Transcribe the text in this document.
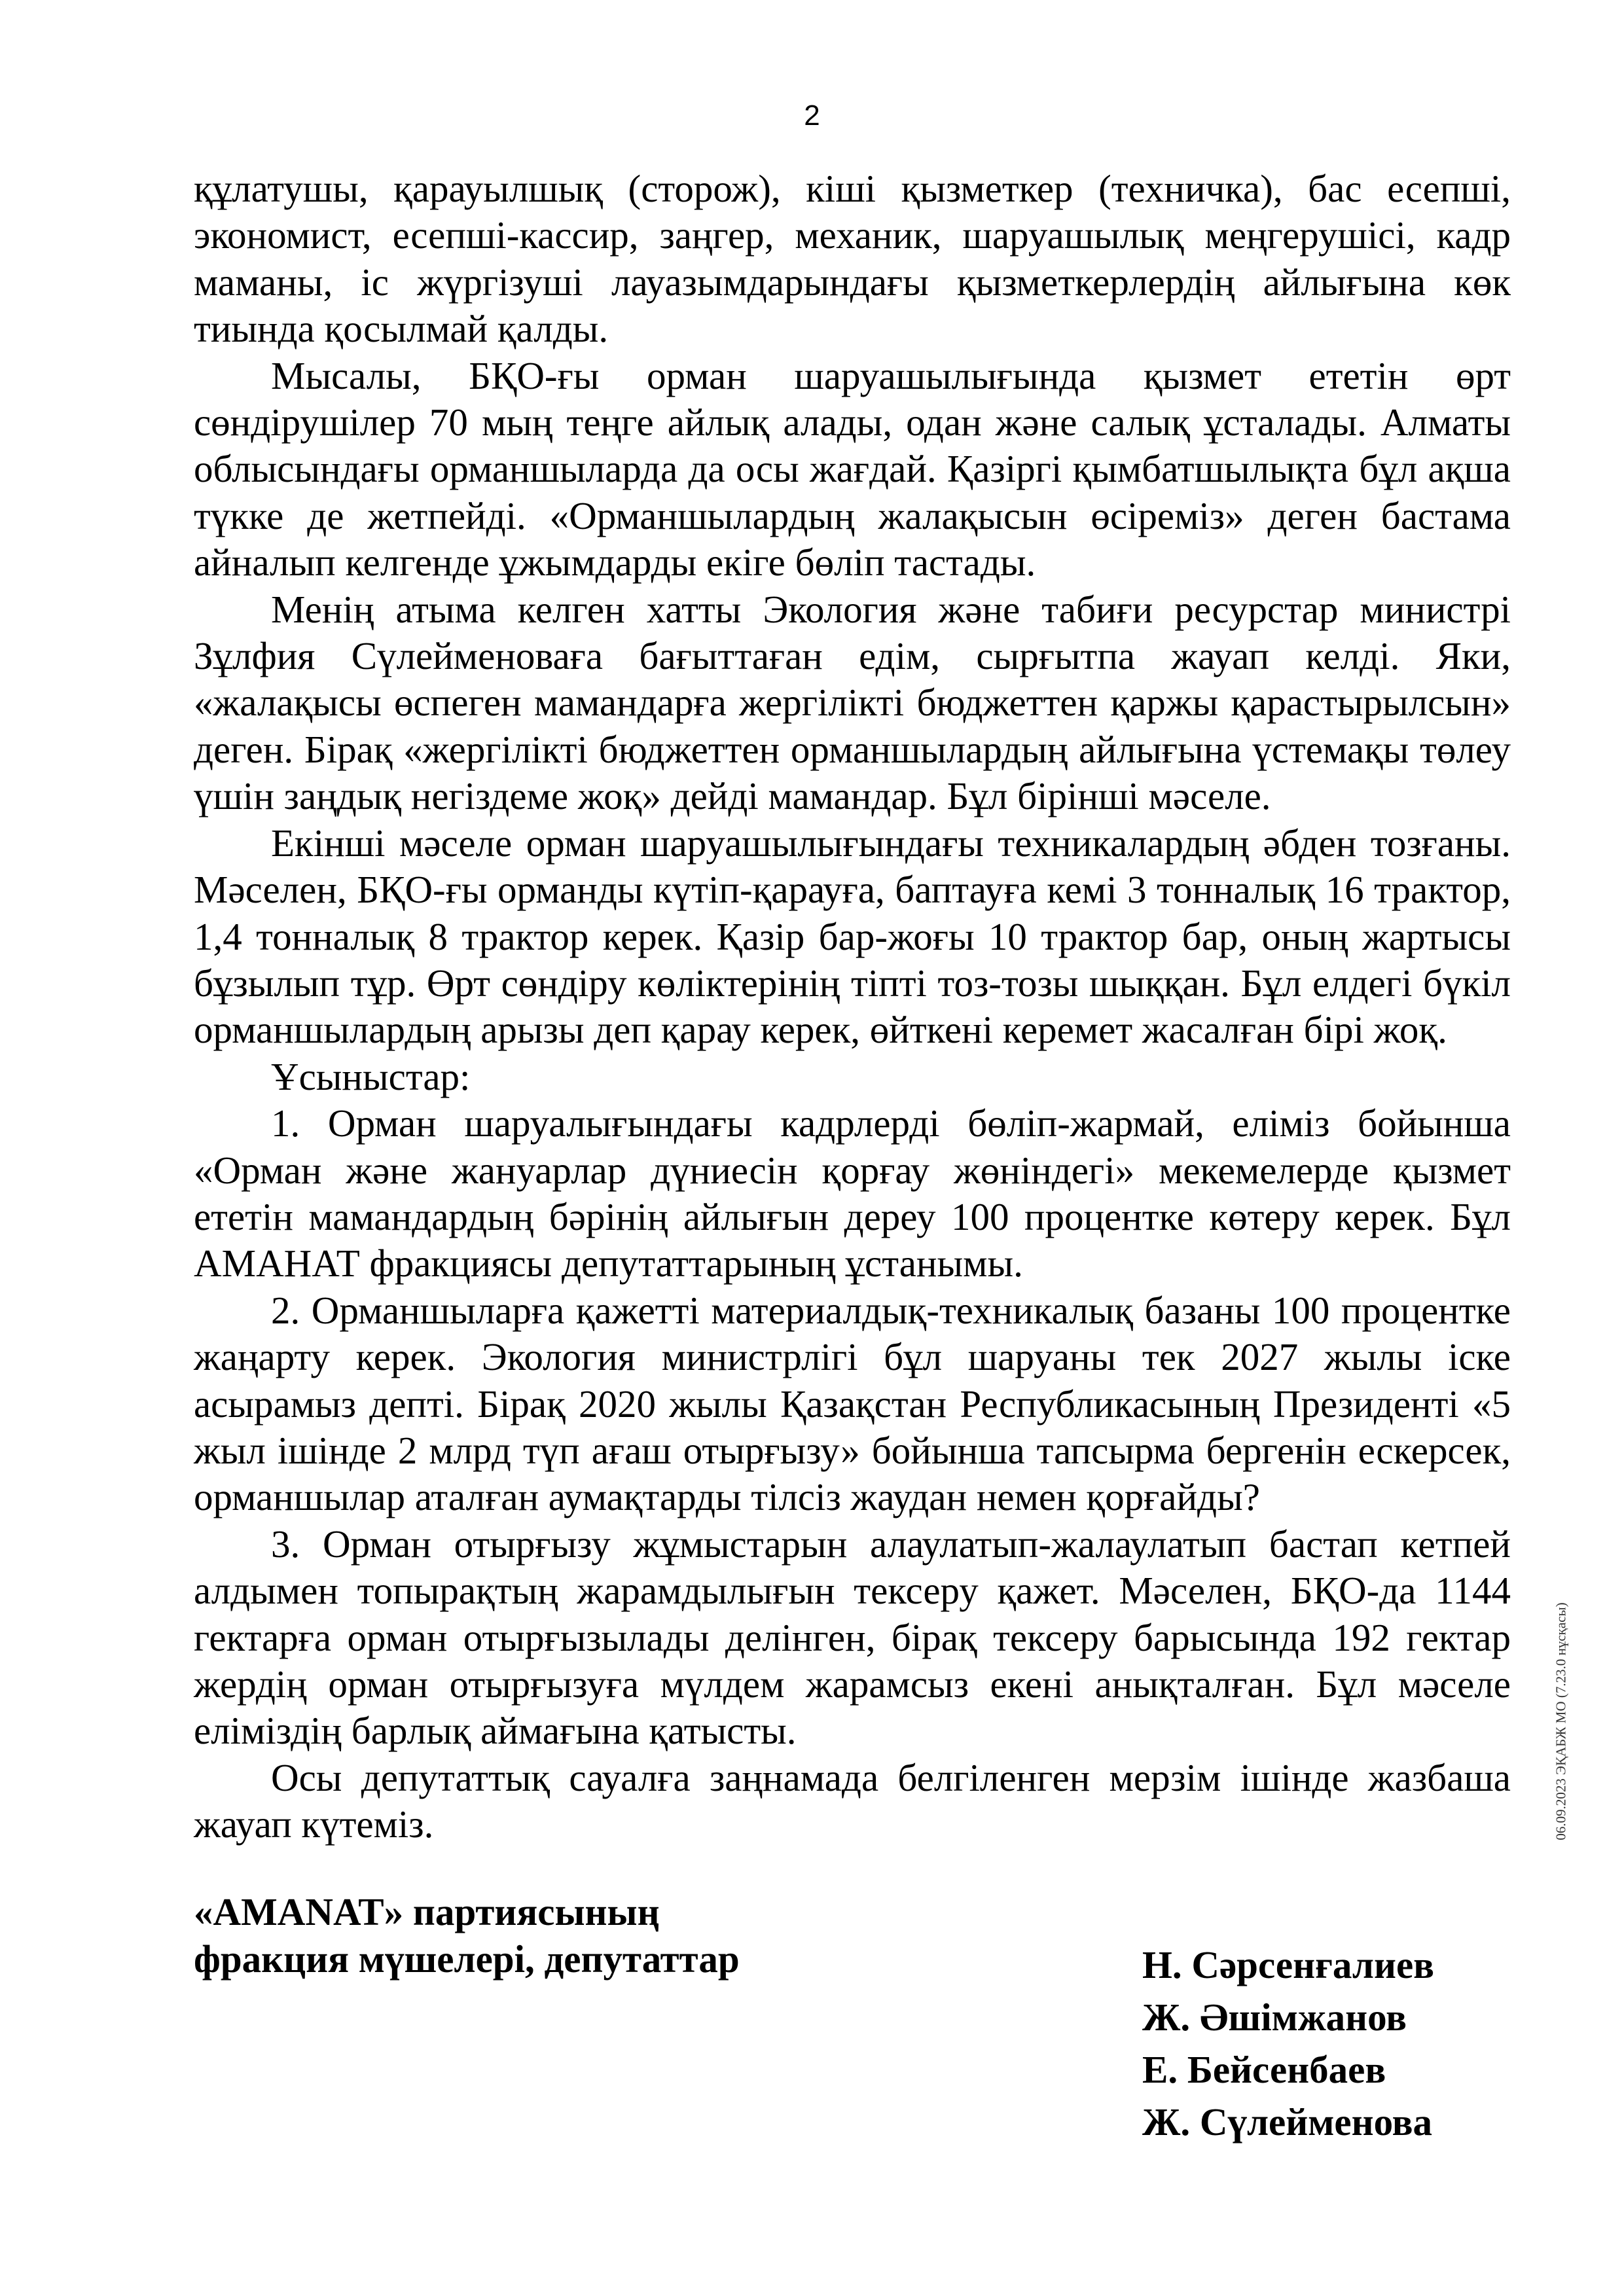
2

құлатушы, қарауылшық (сторож), кіші қызметкер (техничка), бас есепші, экономист, есепші-кассир, заңгер, механик, шаруашылық меңгерушісі, кадр маманы, іс жүргізуші лауазымдарындағы қызметкерлердің айлығына көк тиында қосылмай қалды.

Мысалы, БҚО-ғы орман шаруашылығында қызмет ететін өрт сөндірушілер 70 мың теңге айлық алады, одан және салық ұсталады. Алматы облысындағы орманшыларда да осы жағдай. Қазіргі қымбатшылықта бұл ақша түкке де жетпейді. «Орманшылардың жалақысын өсіреміз» деген бастама айналып келгенде ұжымдарды екіге бөліп тастады.

Менің атыма келген хатты Экология және табиғи ресурстар министрі Зұлфия Сүлейменоваға бағыттаған едім, сырғытпа жауап келді. Яки, «жалақысы өспеген мамандарға жергілікті бюджеттен қаржы қарастырылсын» деген. Бірақ «жергілікті бюджеттен орманшылардың айлығына үстемақы төлеу үшін заңдық негіздеме жоқ» дейді мамандар. Бұл бірінші мәселе.

Екінші мәселе орман шаруашылығындағы техникалардың әбден тозғаны. Мәселен, БҚО-ғы орманды күтіп-қарауға, баптауға кемі 3 тонналық 16 трактор, 1,4 тонналық 8 трактор керек. Қазір бар-жоғы 10 трактор бар, оның жартысы бұзылып тұр. Өрт сөндіру көліктерінің тіпті тоз-тозы шыққан. Бұл елдегі бүкіл орманшылардың арызы деп қарау керек, өйткені керемет жасалған бірі жоқ.

Ұсыныстар:

1. Орман шаруалығындағы кадрлерді бөліп-жармай, еліміз бойынша «Орман және жануарлар дүниесін қорғау жөніндегі» мекемелерде қызмет ететін мамандардың бәрінің айлығын дереу 100 процентке көтеру керек. Бұл АМАНАТ фракциясы депутаттарының ұстанымы.

2. Орманшыларға қажетті материалдық-техникалық базаны 100 процентке жаңарту керек. Экология министрлігі бұл шаруаны тек 2027 жылы іске асырамыз депті. Бірақ 2020 жылы Қазақстан Республикасының Президенті «5 жыл ішінде 2 млрд түп ағаш отырғызу» бойынша тапсырма бергенін ескерсек, орманшылар аталған аумақтарды тілсіз жаудан немен қорғайды?

3. Орман отырғызу жұмыстарын алаулатып-жалаулатып бастап кетпей алдымен топырақтың жарамдылығын тексеру қажет. Мәселен, БҚО-да 1144 гектарға орман отырғызылады делінген, бірақ тексеру барысында 192 гектар жердің орман отырғызуға мүлдем жарамсыз екені анықталған. Бұл мәселе еліміздің барлық аймағына қатысты.

Осы депутаттық сауалға заңнамада белгіленген мерзім ішінде жазбаша жауап күтеміз.

«AMANAT» партиясының
фракция мүшелері, депутаттар	Н. Сәрсенғалиев
Ж. Әшімжанов
Е. Бейсенбаев
Ж. Сүлейменова
06.09.2023 ЭҚАБЖ МО (7.23.0 нұсқасы)
